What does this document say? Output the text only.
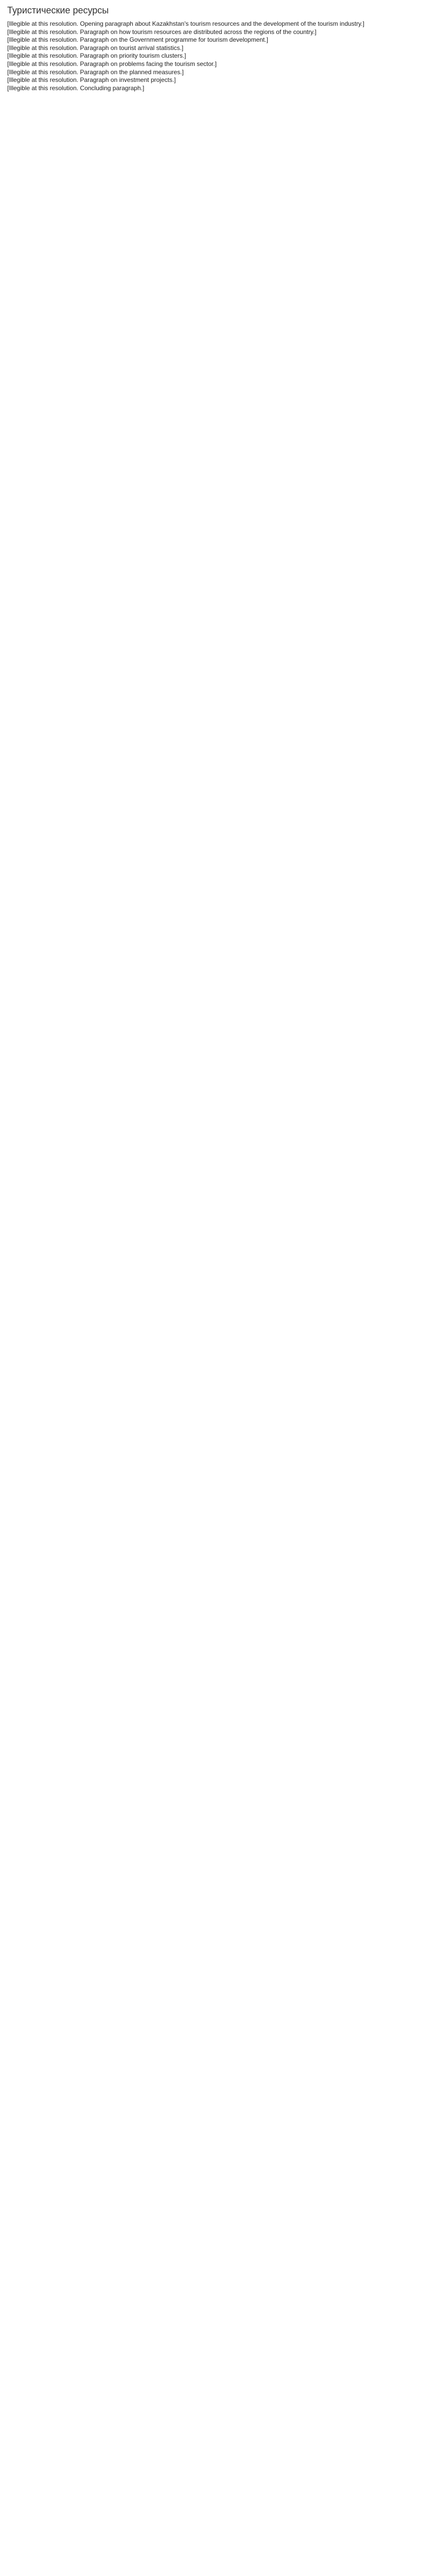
Туристические ресурсы

[Illegible at this resolution. Opening paragraph about Kazakhstan's tourism resources and the development of the tourism industry.]

[Illegible at this resolution. Paragraph on how tourism resources are distributed across the regions of the country.]

[Illegible at this resolution. Paragraph on the Government programme for tourism development.]

[Illegible at this resolution. Paragraph on tourist arrival statistics.]

[Illegible at this resolution. Paragraph on priority tourism clusters.]

[Illegible at this resolution. Paragraph on problems facing the tourism sector.]

[Illegible at this resolution. Paragraph on the planned measures.]

[Illegible at this resolution. Paragraph on investment projects.]

[Illegible at this resolution. Concluding paragraph.]
